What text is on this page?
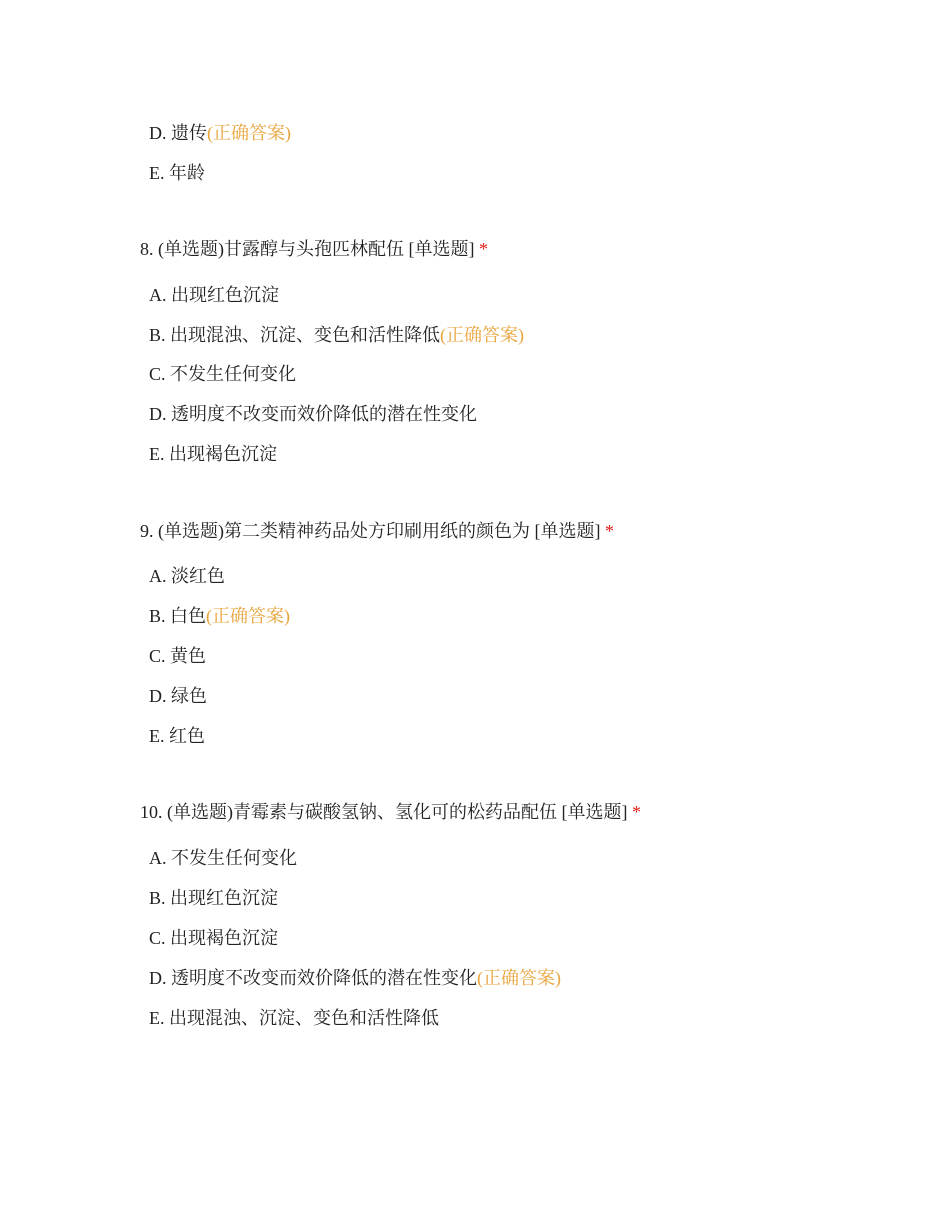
D. 遗传(正确答案)
E. 年龄
8. (单选题)甘露醇与头孢匹林配伍 [单选题] *
A. 出现红色沉淀
B. 出现混浊、沉淀、变色和活性降低(正确答案)
C. 不发生任何变化
D. 透明度不改变而效价降低的潜在性变化
E. 出现褐色沉淀
9. (单选题)第二类精神药品处方印刷用纸的颜色为 [单选题] *
A. 淡红色
B. 白色(正确答案)
C. 黄色
D. 绿色
E. 红色
10. (单选题)青霉素与碳酸氢钠、氢化可的松药品配伍 [单选题] *
A. 不发生任何变化
B. 出现红色沉淀
C. 出现褐色沉淀
D. 透明度不改变而效价降低的潜在性变化(正确答案)
E. 出现混浊、沉淀、变色和活性降低
